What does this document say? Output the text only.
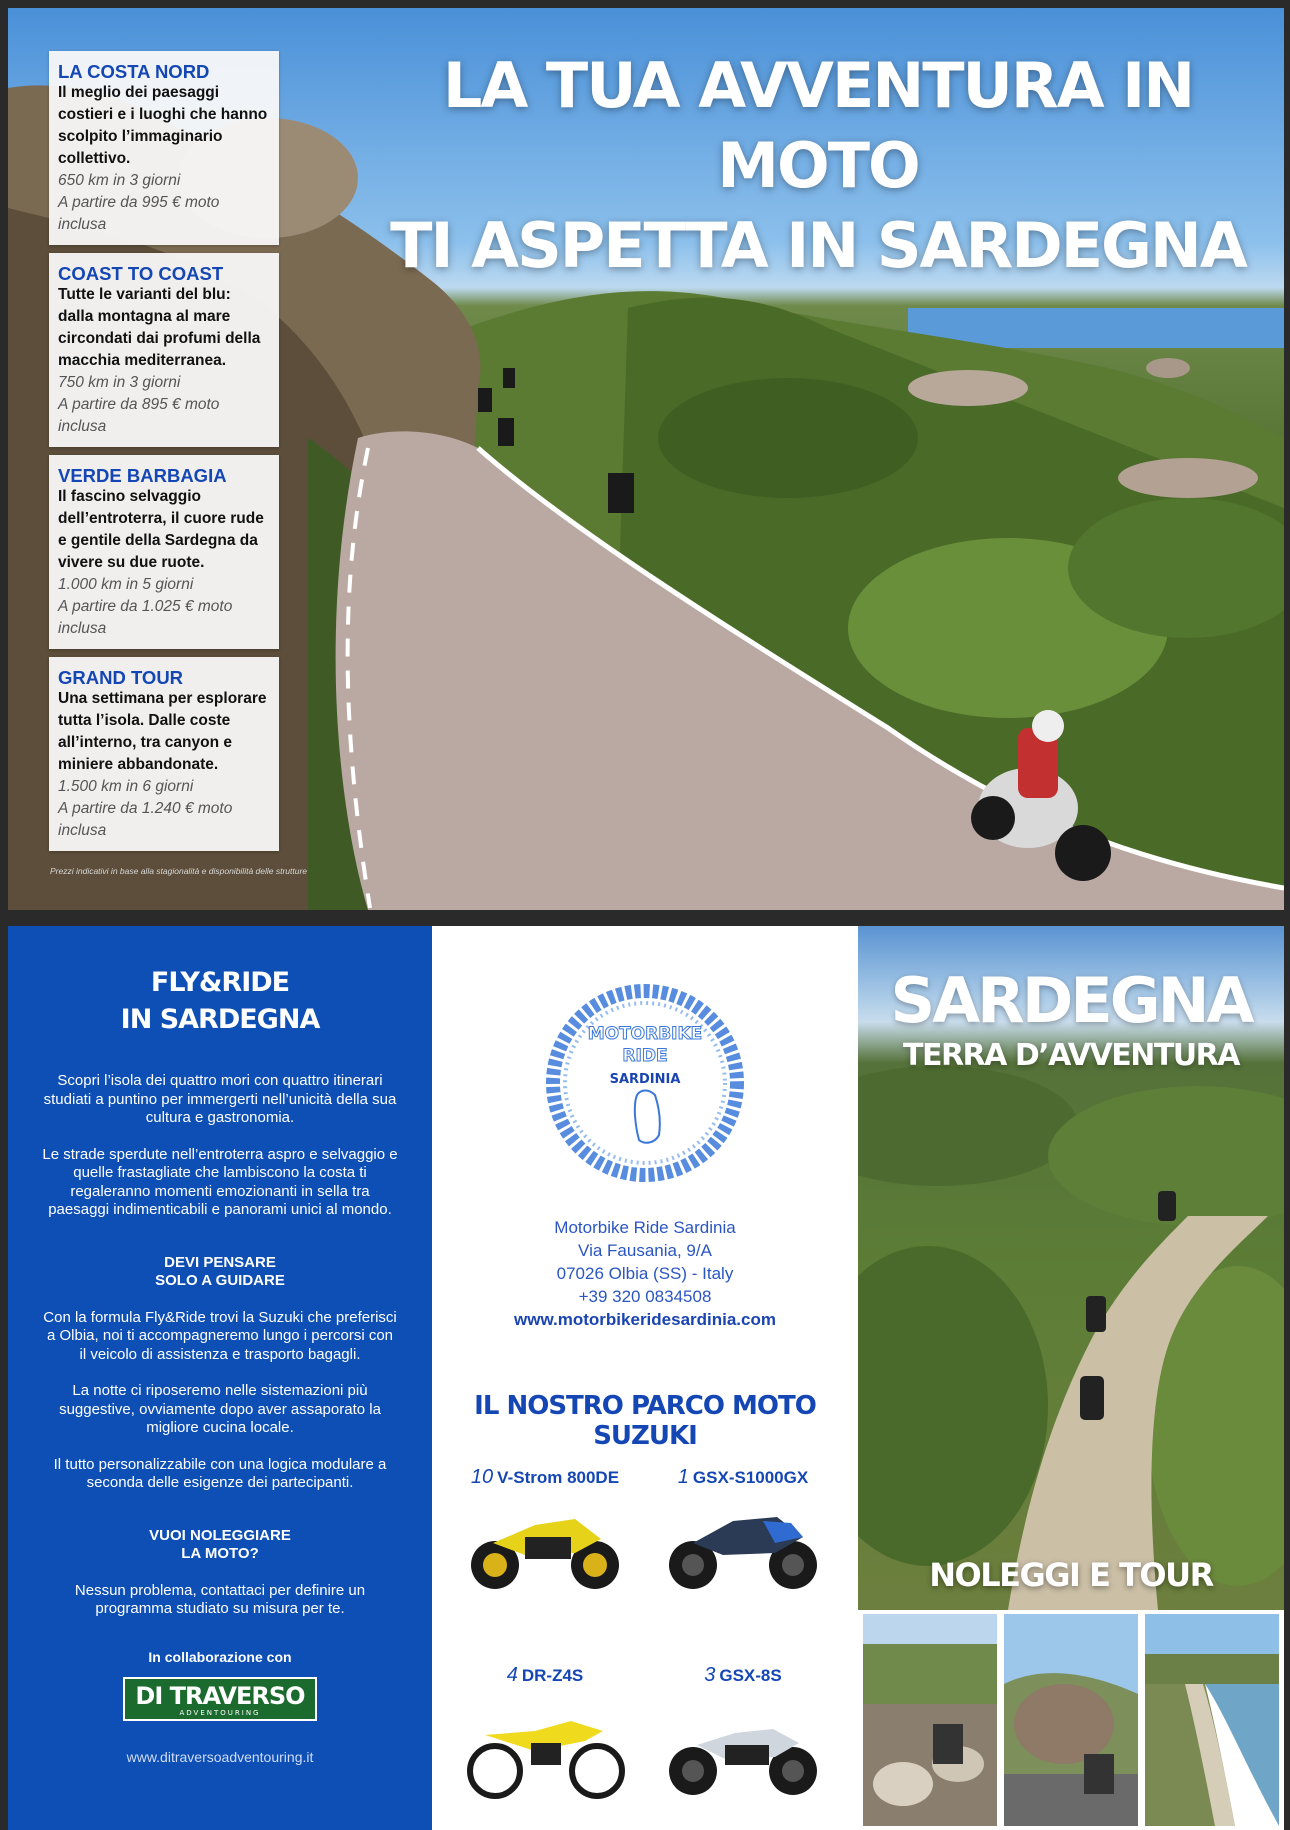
LA TUA AVVENTURA IN MOTO
TI ASPETTA IN SARDEGNA
LA COSTA NORD
Il meglio dei paesaggi costieri e i luoghi che hanno scolpito l’immaginario collettivo.
650 km in 3 giorni
A partire da 995 € moto inclusa
COAST TO COAST
Tutte le varianti del blu: dalla montagna al mare circondati dai profumi della macchia mediterranea.
750 km in 3 giorni
A partire da 895 € moto inclusa
VERDE BARBAGIA
Il fascino selvaggio dell’entroterra, il cuore rude e gentile della Sardegna da vivere su due ruote.
1.000 km in 5 giorni
A partire da 1.025 € moto inclusa
GRAND TOUR
Una settimana per esplorare tutta l’isola. Dalle coste all’interno, tra canyon e miniere abbandonate.
1.500 km in 6 giorni
A partire da 1.240 € moto inclusa
Prezzi indicativi in base alla stagionalità e disponibilità delle strutture
FLY&RIDE
IN SARDEGNA

Scopri l’isola dei quattro mori con quattro itinerari studiati a puntino per immergerti nell’unicità della sua cultura e gastronomia.

Le strade sperdute nell’entroterra aspro e selvaggio e quelle frastagliate che lambiscono la costa ti regaleranno momenti emozionanti in sella tra paesaggi indimenticabili e panorami unici al mondo.

DEVI PENSARE
SOLO A GUIDARE

Con la formula Fly&Ride trovi la Suzuki che preferisci a Olbia, noi ti accompagneremo lungo i percorsi con il veicolo di assistenza e trasporto bagagli.

La notte ci riposeremo nelle sistemazioni più suggestive, ovviamente dopo aver assaporato la migliore cucina locale.

Il tutto personalizzabile con una logica modulare a seconda delle esigenze dei partecipanti.

VUOI NOLEGGIARE
LA MOTO?

Nessun problema, contattaci per definire un programma studiato su misura per te.

In collaborazione con
DI TRAVERSO
ADVENTOURING
www.ditraversoadventouring.it
MOTORBIKE
RIDE
SARDINIA
Motorbike Ride Sardinia
Via Fausania, 9/A
07026 Olbia (SS) - Italy
+39 320 0834508
www.motorbikeridesardinia.com
IL NOSTRO PARCO MOTO SUZUKI
10 V-Strom 800DE	1 GSX-S1000GX
4 DR-Z4S	3 GSX-8S
SARDEGNA
TERRA D’AVVENTURA
NOLEGGI E TOUR
